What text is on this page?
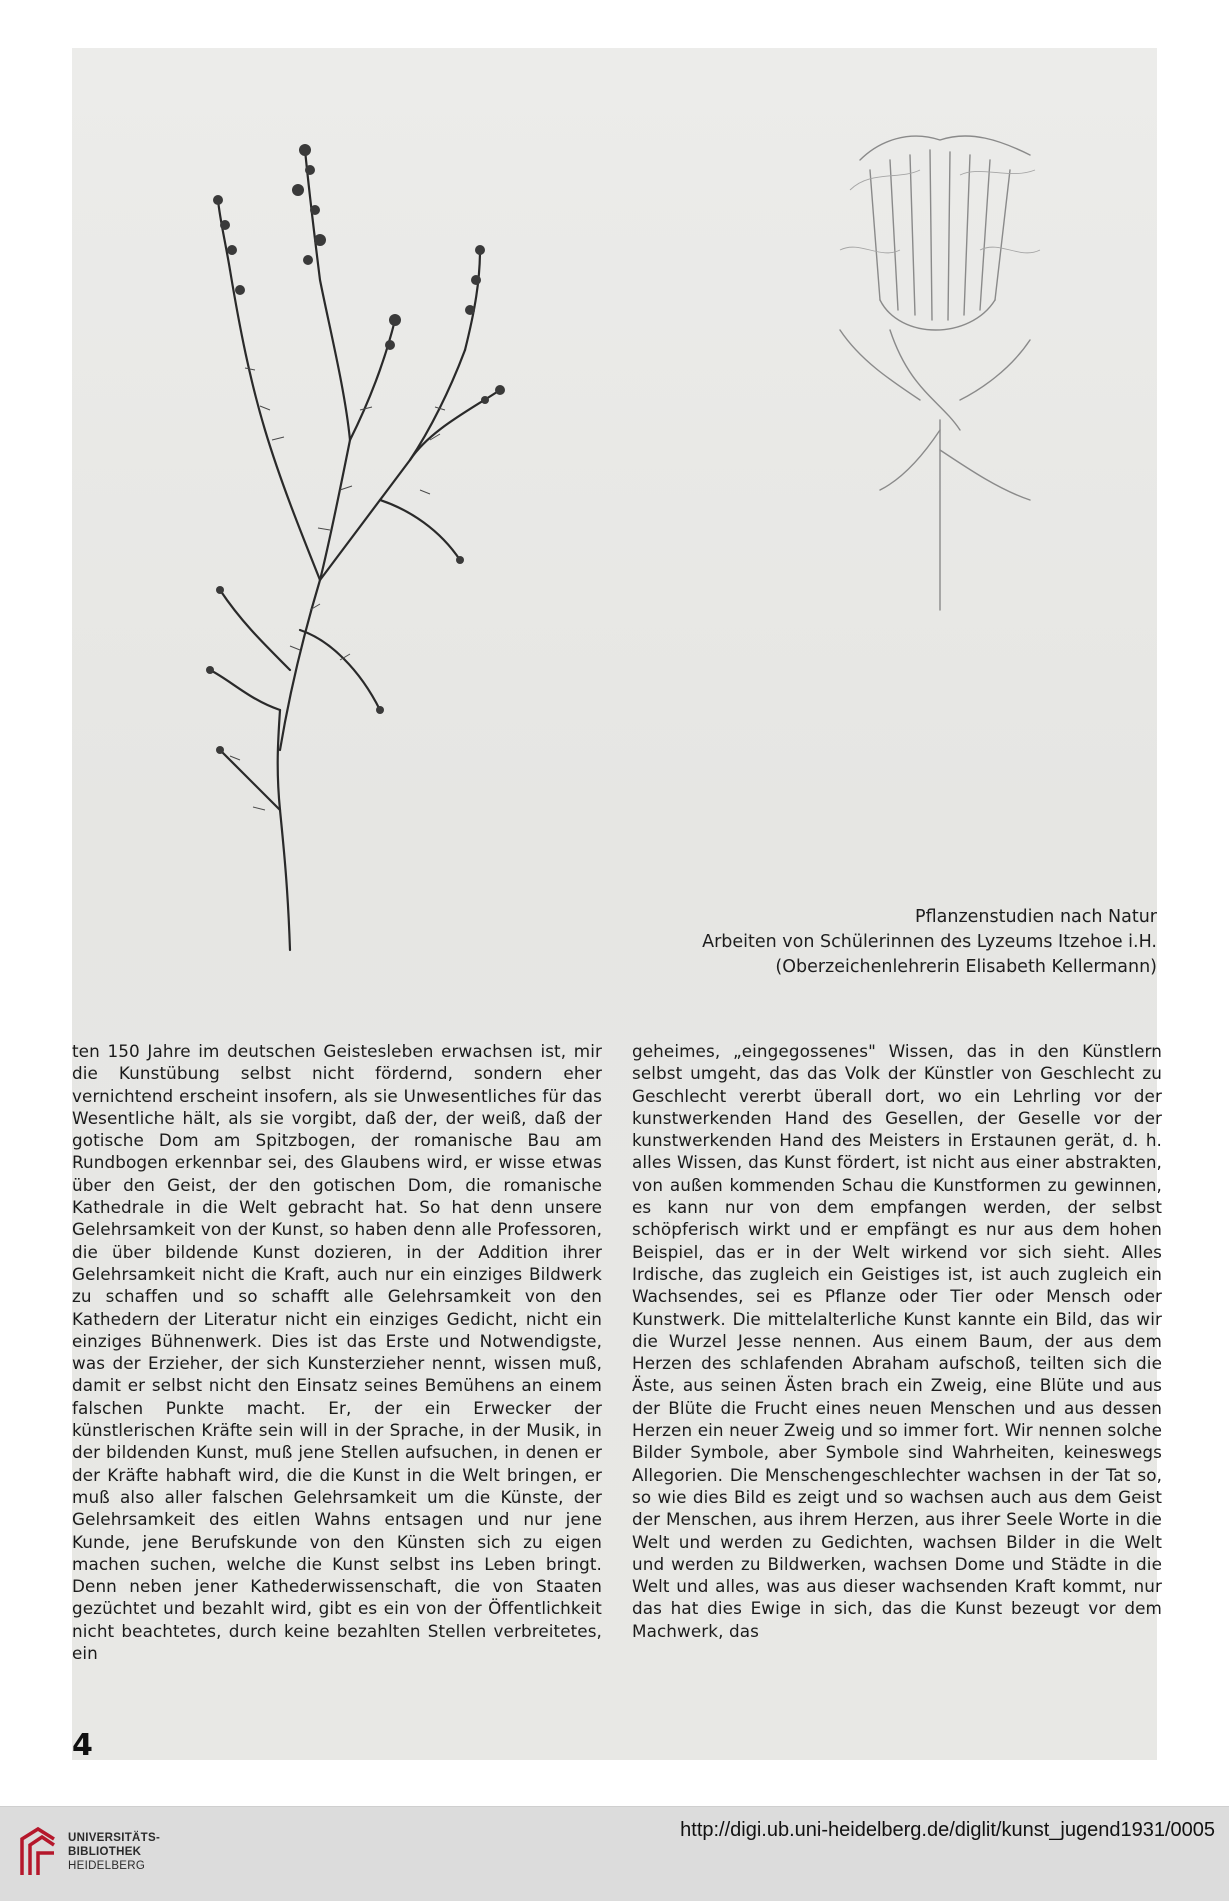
Pflanzenstudien nach Natur
Arbeiten von Schülerinnen des Lyzeums Itzehoe i.H.
(Oberzeichenlehrerin Elisabeth Kellermann)
ten 150 Jahre im deutschen Geistesleben erwachsen ist, mir die Kunstübung selbst nicht fördernd, sondern eher vernichtend erscheint insofern, als sie Unwesentliches für das Wesentliche hält, als sie vorgibt, daß der, der weiß, daß der gotische Dom am Spitzbogen, der romanische Bau am Rundbogen erkennbar sei, des Glaubens wird, er wisse etwas über den Geist, der den gotischen Dom, die romanische Kathedrale in die Welt gebracht hat. So hat denn unsere Gelehrsamkeit von der Kunst, so haben denn alle Professoren, die über bildende Kunst dozieren, in der Addition ihrer Gelehrsamkeit nicht die Kraft, auch nur ein einziges Bildwerk zu schaffen und so schafft alle Gelehrsamkeit von den Kathedern der Literatur nicht ein einziges Gedicht, nicht ein einziges Bühnenwerk. Dies ist das Erste und Notwendigste, was der Erzieher, der sich Kunsterzieher nennt, wissen muß, damit er selbst nicht den Einsatz seines Bemühens an einem falschen Punkte macht. Er, der ein Erwecker der künstlerischen Kräfte sein will in der Sprache, in der Musik, in der bildenden Kunst, muß jene Stellen aufsuchen, in denen er der Kräfte habhaft wird, die die Kunst in die Welt bringen, er muß also aller falschen Gelehrsamkeit um die Künste, der Gelehrsamkeit des eitlen Wahns entsagen und nur jene Kunde, jene Berufskunde von den Künsten sich zu eigen machen suchen, welche die Kunst selbst ins Leben bringt. Denn neben jener Kathederwissenschaft, die von Staaten gezüchtet und bezahlt wird, gibt es ein von der Öffentlichkeit nicht beachtetes, durch keine bezahlten Stellen verbreitetes, ein
geheimes, „eingegossenes" Wissen, das in den Künstlern selbst umgeht, das das Volk der Künstler von Geschlecht zu Geschlecht vererbt überall dort, wo ein Lehrling vor der kunstwerkenden Hand des Gesellen, der Geselle vor der kunstwerkenden Hand des Meisters in Erstaunen gerät, d. h. alles Wissen, das Kunst fördert, ist nicht aus einer abstrakten, von außen kommenden Schau die Kunstformen zu gewinnen, es kann nur von dem empfangen werden, der selbst schöpferisch wirkt und er empfängt es nur aus dem hohen Beispiel, das er in der Welt wirkend vor sich sieht. Alles Irdische, das zugleich ein Geistiges ist, ist auch zugleich ein Wachsendes, sei es Pflanze oder Tier oder Mensch oder Kunstwerk. Die mittelalterliche Kunst kannte ein Bild, das wir die Wurzel Jesse nennen. Aus einem Baum, der aus dem Herzen des schlafenden Abraham aufschoß, teilten sich die Äste, aus seinen Ästen brach ein Zweig, eine Blüte und aus der Blüte die Frucht eines neuen Menschen und aus dessen Herzen ein neuer Zweig und so immer fort. Wir nennen solche Bilder Symbole, aber Symbole sind Wahrheiten, keineswegs Allegorien. Die Menschengeschlechter wachsen in der Tat so, so wie dies Bild es zeigt und so wachsen auch aus dem Geist der Menschen, aus ihrem Herzen, aus ihrer Seele Worte in die Welt und werden zu Gedichten, wachsen Bilder in die Welt und werden zu Bildwerken, wachsen Dome und Städte in die Welt und alles, was aus dieser wachsenden Kraft kommt, nur das hat dies Ewige in sich, das die Kunst bezeugt vor dem Machwerk, das
4
UNIVERSITÄTS-
BIBLIOTHEK
HEIDELBERG
http://digi.ub.uni-heidelberg.de/diglit/kunst_jugend1931/0005
